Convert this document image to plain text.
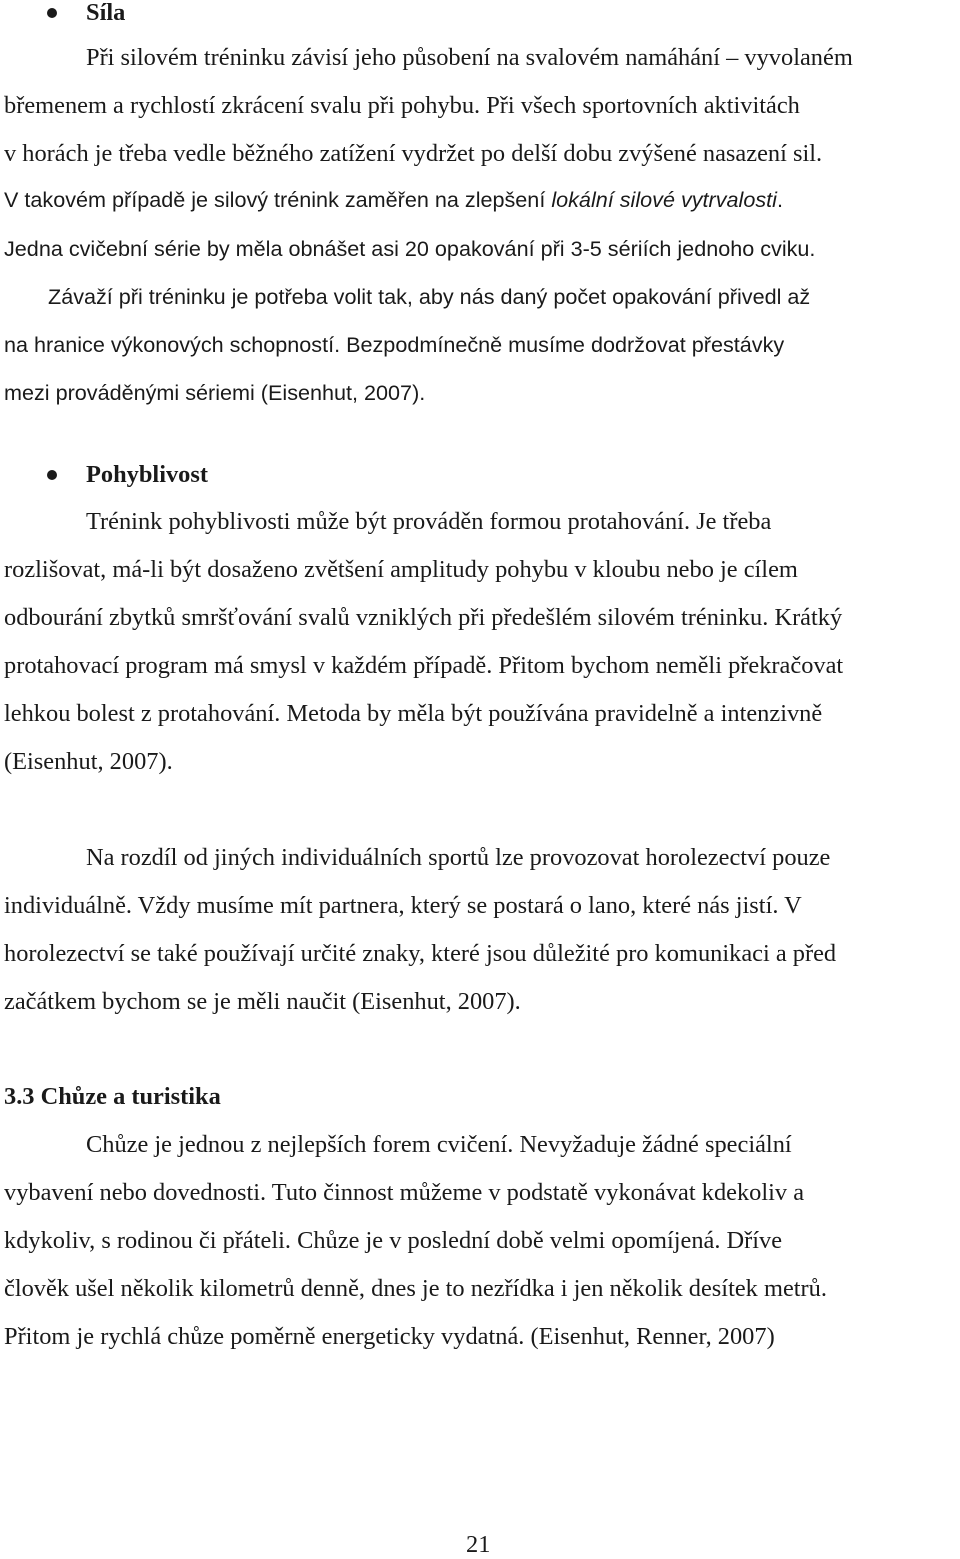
Síla

Při silovém tréninku závisí jeho působení na svalovém namáhání – vyvolaném

břemenem a rychlostí zkrácení svalu při pohybu. Při všech sportovních aktivitách

v horách je třeba vedle běžného zatížení vydržet po delší dobu zvýšené nasazení sil.

V takovém případě je silový trénink zaměřen na zlepšení lokální silové vytrvalosti.

Jedna cvičební série by měla obnášet asi 20 opakování při 3-5 sériích jednoho cviku.

Závaží při tréninku je potřeba volit tak, aby nás daný počet opakování přivedl až

na hranice výkonových schopností. Bezpodmínečně musíme dodržovat přestávky

mezi prováděnými sériemi (Eisenhut, 2007).

Pohyblivost

Trénink pohyblivosti může být prováděn formou protahování. Je třeba

rozlišovat, má-li být dosaženo zvětšení amplitudy pohybu v kloubu nebo je cílem

odbourání zbytků smršťování svalů vzniklých při předešlém silovém tréninku. Krátký

protahovací program má smysl v každém případě. Přitom bychom neměli překračovat

lehkou bolest z protahování. Metoda by měla být používána pravidelně a intenzivně

(Eisenhut, 2007).

Na rozdíl od jiných individuálních sportů lze provozovat horolezectví pouze

individuálně. Vždy musíme mít partnera, který se postará o lano, které nás jistí. V

horolezectví se také používají určité znaky, které jsou důležité pro komunikaci a před

začátkem bychom se je měli naučit (Eisenhut, 2007).

3.3 Chůze a turistika

Chůze je jednou z nejlepších forem cvičení. Nevyžaduje žádné speciální

vybavení nebo dovednosti. Tuto činnost můžeme v podstatě vykonávat kdekoliv a

kdykoliv, s rodinou či přáteli. Chůze je v poslední době velmi opomíjená. Dříve

člověk ušel několik kilometrů denně, dnes je to nezřídka i jen několik desítek metrů.

Přitom je rychlá chůze poměrně energeticky vydatná. (Eisenhut, Renner, 2007)

21
